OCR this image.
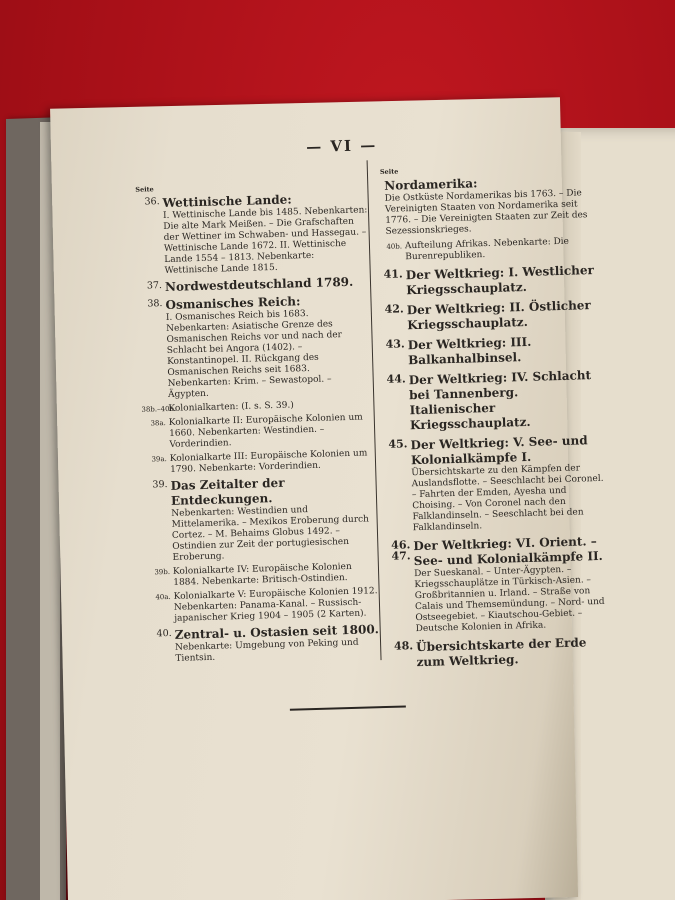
— VI —
Seite
36. Wettinische Lande:
I. Wettinische Lande bis 1485. Nebenkarten: Die alte Mark Meißen. – Die Grafschaften der Wettiner im Schwaben- und Hassegau. – Wettinische Lande 1672. II. Wettinische Lande 1554 – 1813. Nebenkarte: Wettinische Lande 1815.
37. Nordwestdeutschland 1789.
38. Osmanisches Reich:
I. Osmanisches Reich bis 1683. Nebenkarten: Asiatische Grenze des Osmanischen Reichs vor und nach der Schlacht bei Angora (1402). – Konstantinopel. II. Rückgang des Osmanischen Reichs seit 1683. Nebenkarten: Krim. – Sewastopol. – Ägypten.
38b.–40b.
Kolonialkarten: (I. s. S. 39.)
38a. Kolonialkarte II: Europäische Kolonien um 1660. Nebenkarten: Westindien. – Vorderindien.
39a. Kolonialkarte III: Europäische Kolonien um 1790. Nebenkarte: Vorderindien.
39. Das Zeitalter der Entdeckungen.
Nebenkarten: Westindien und Mittelamerika. – Mexikos Eroberung durch Cortez. – M. Behaims Globus 1492. – Ostindien zur Zeit der portugiesischen Eroberung.
39b. Kolonialkarte IV: Europäische Kolonien 1884. Nebenkarte: Britisch-Ostindien.
40a. Kolonialkarte V: Europäische Kolonien 1912. Nebenkarten: Panama-Kanal. – Russisch-japanischer Krieg 1904 – 1905 (2 Karten).
40. Zentral- u. Ostasien seit 1800.
Nebenkarte: Umgebung von Peking und Tientsin.
Seite
Nordamerika:
Die Ostküste Nordamerikas bis 1763. – Die Vereinigten Staaten von Nordamerika seit 1776. – Die Vereinigten Staaten zur Zeit des Sezessionskrieges.
40b. Aufteilung Afrikas. Nebenkarte: Die Burenrepubliken.
41. Der Weltkrieg: I. Westlicher Kriegsschauplatz.
42. Der Weltkrieg: II. Östlicher Kriegsschauplatz.
43. Der Weltkrieg: III. Balkanhalbinsel.
44. Der Weltkrieg: IV. Schlacht bei Tannenberg. Italienischer Kriegsschauplatz.
45. Der Weltkrieg: V. See- und Kolonialkämpfe I.
Übersichtskarte zu den Kämpfen der Auslandsflotte. – Seeschlacht bei Coronel. – Fahrten der Emden, Ayesha und Choising. – Von Coronel nach den Falklandinseln. – Seeschlacht bei den Falklandinseln.
46. 47.
Der Weltkrieg: VI. Orient. – See- und Kolonialkämpfe II.
Der Sueskanal. – Unter-Ägypten. – Kriegsschauplätze in Türkisch-Asien. – Großbritannien u. Irland. – Straße von Calais und Themsemündung. – Nord- und Ostseegebiet. – Kiautschou-Gebiet. – Deutsche Kolonien in Afrika.
48. Übersichtskarte der Erde zum Weltkrieg.
